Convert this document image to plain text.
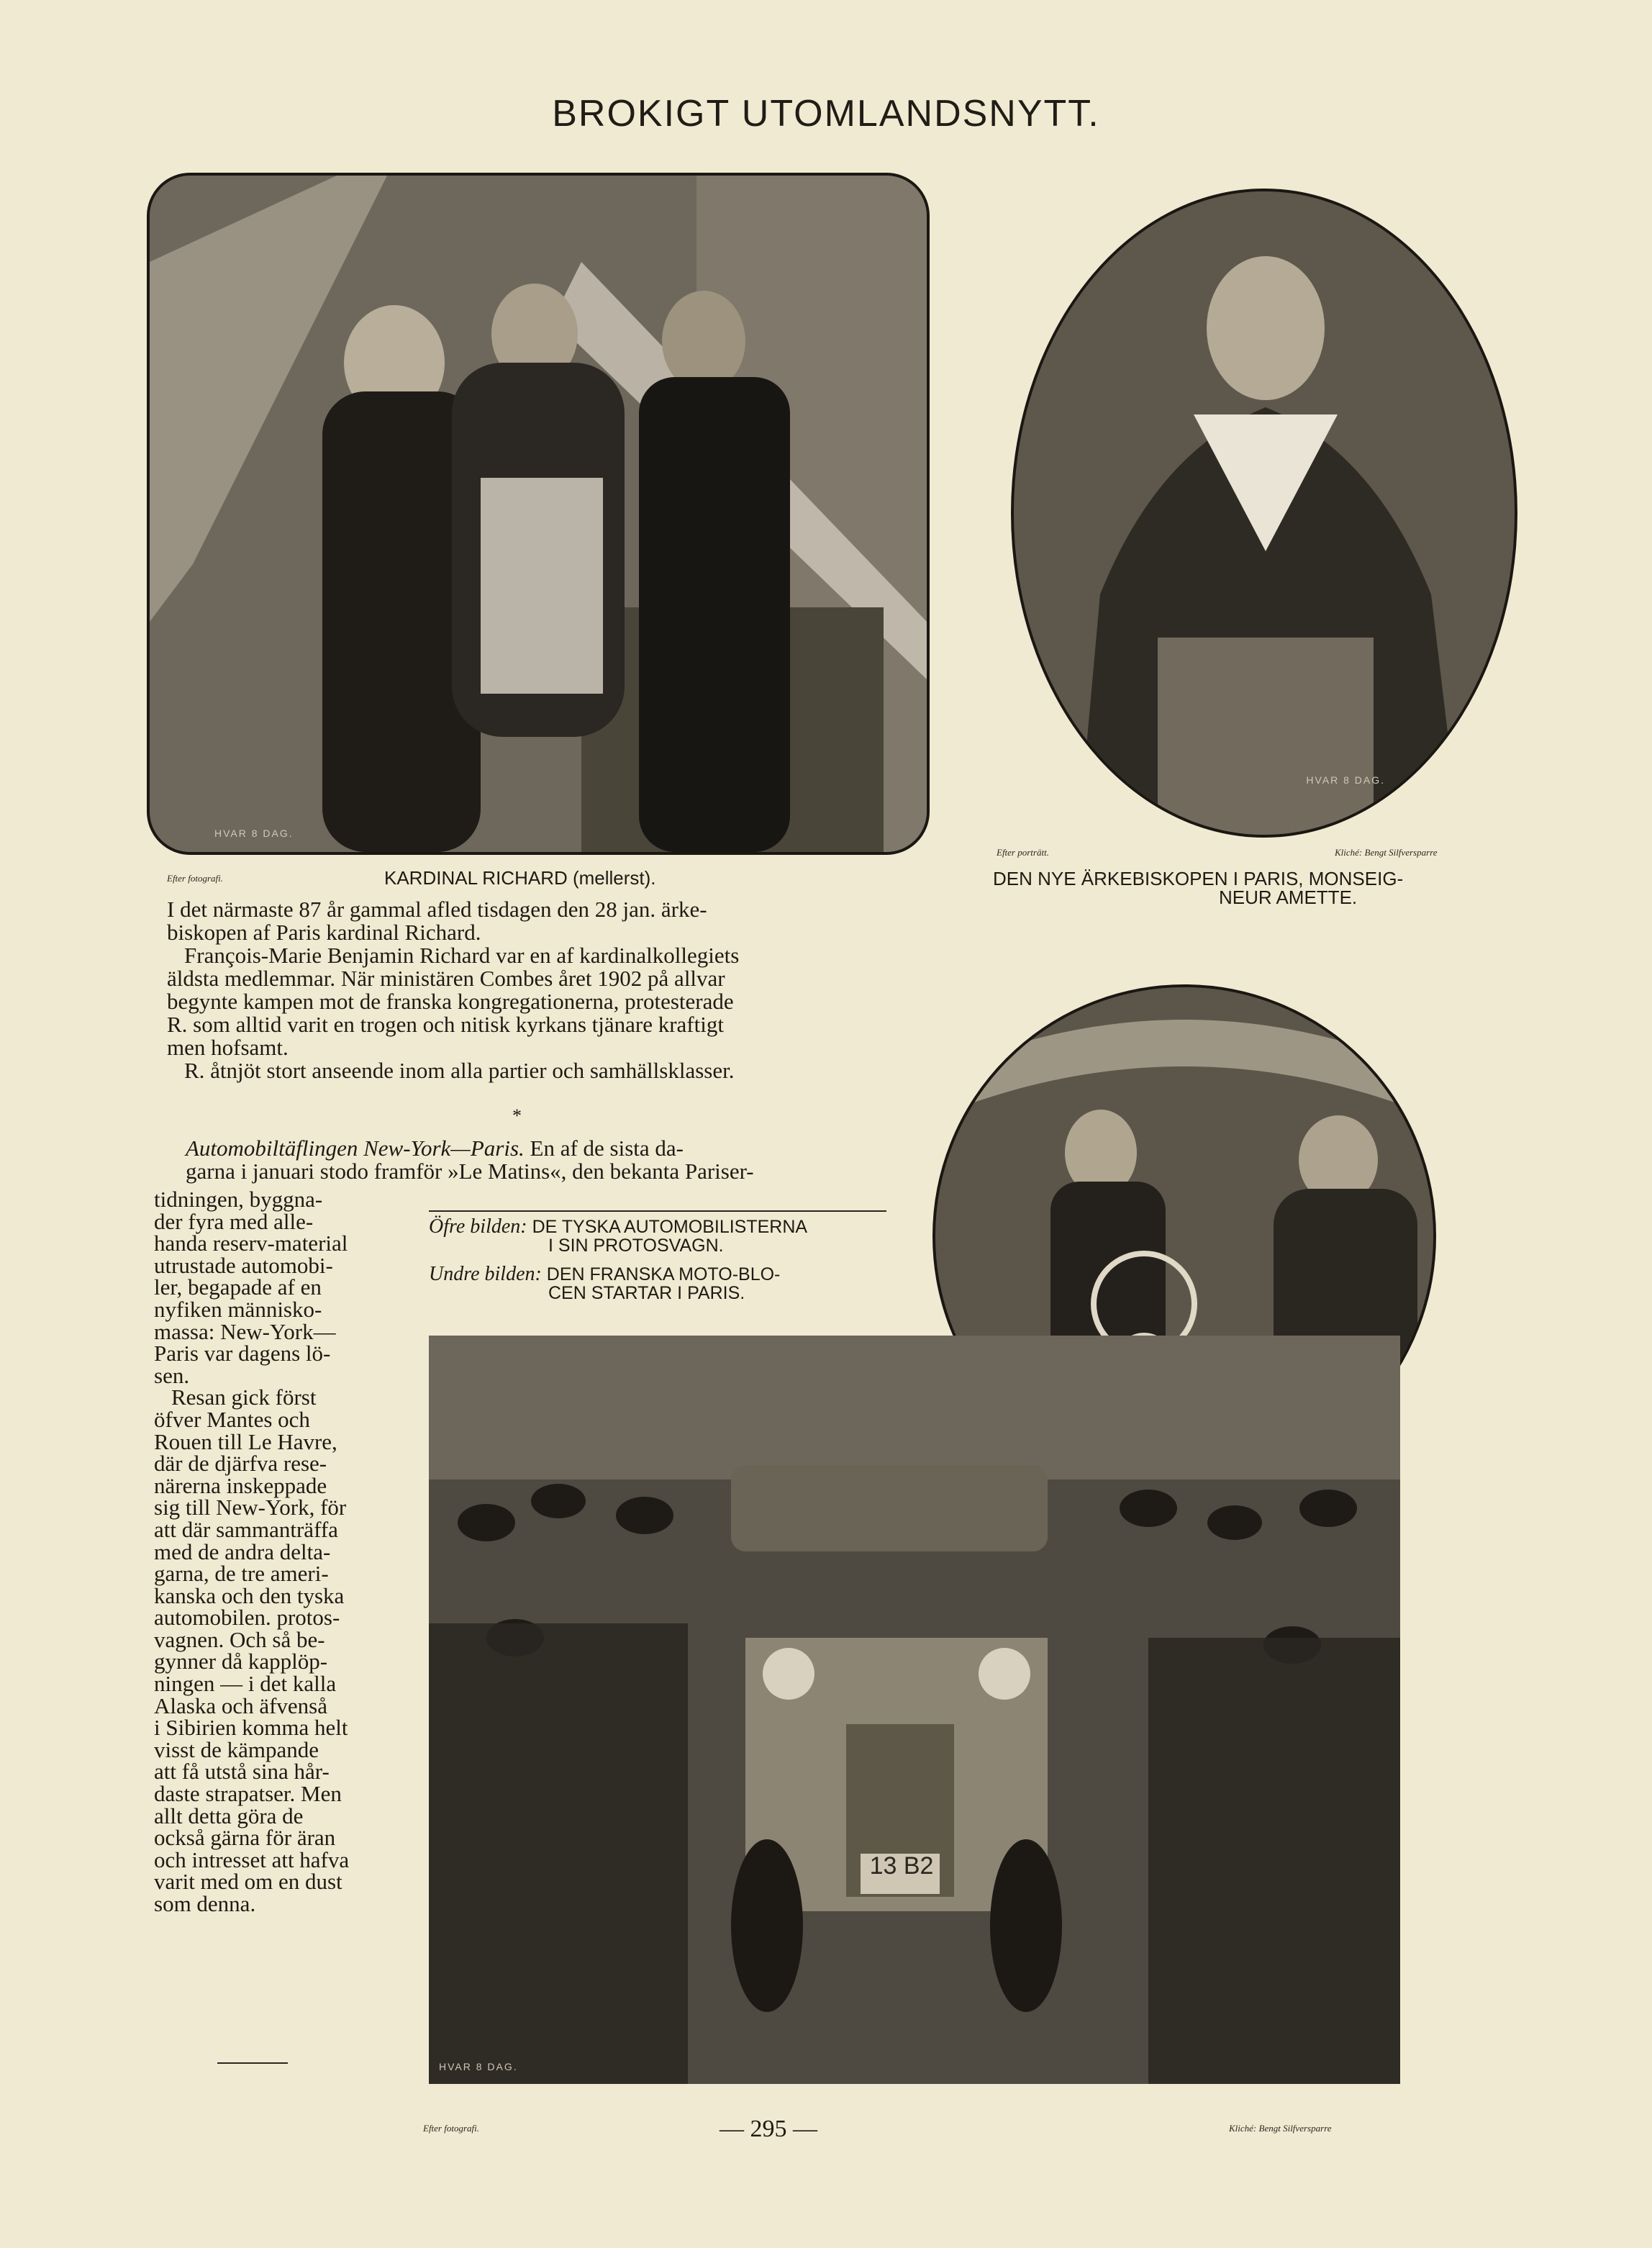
BROKIGT UTOMLANDSNYTT.
HVAR 8 DAG.
Efter fotografi.	KARDINAL RICHARD (mellerst).
HVAR 8 DAG.
Efter porträtt.	Kliché: Bengt Silfversparre
DEN NYE ÄRKEBISKOPEN I PARIS, MONSEIG-
NEUR AMETTE.

I det närmaste 87 år gammal afled tisdagen den 28 jan. ärke-

biskopen af Paris kardinal Richard.

François-Marie Benjamin Richard var en af kardinalkollegiets

äldsta medlemmar. När ministären Combes året 1902 på allvar

begynte kampen mot de franska kongregationerna, protesterade

R. som alltid varit en trogen och nitisk kyrkans tjänare kraftigt

men hofsamt.

R. åtnjöt stort anseende inom alla partier och samhällsklasser.

*

Automobiltäflingen New-York—Paris. En af de sista da-

garna i januari stodo framför »Le Matins«, den bekanta Pariser-

Öfre bilden: DE TYSKA AUTOMOBILISTERNA
I SIN PROTOSVAGN.
Undre bilden: DEN FRANSKA MOTO-BLO-
CEN STARTAR I PARIS.

tidningen, byggna-

der fyra med alle-

handa reserv-material

utrustade automobi-

ler, begapade af en

nyfiken människo-

massa: New-York—

Paris var dagens lö-

sen.

Resan gick först

öfver Mantes och

Rouen till Le Havre,

där de djärfva rese-

närerna inskeppade

sig till New-York, för

att där sammanträffa

med de andra delta-

garna, de tre ameri-

kanska och den tyska

automobilen. protos-

vagnen. Och så be-

gynner då kapplöp-

ningen — i det kalla

Alaska och äfvenså

i Sibirien komma helt

visst de kämpande

att få utstå sina hår-

daste strapatser. Men

allt detta göra de

också gärna för äran

och intresset att hafva

varit med om en dust

som denna.

13 B2
HVAR 8 DAG.
Efter fotografi.	— 295 —	Kliché: Bengt Silfversparre
